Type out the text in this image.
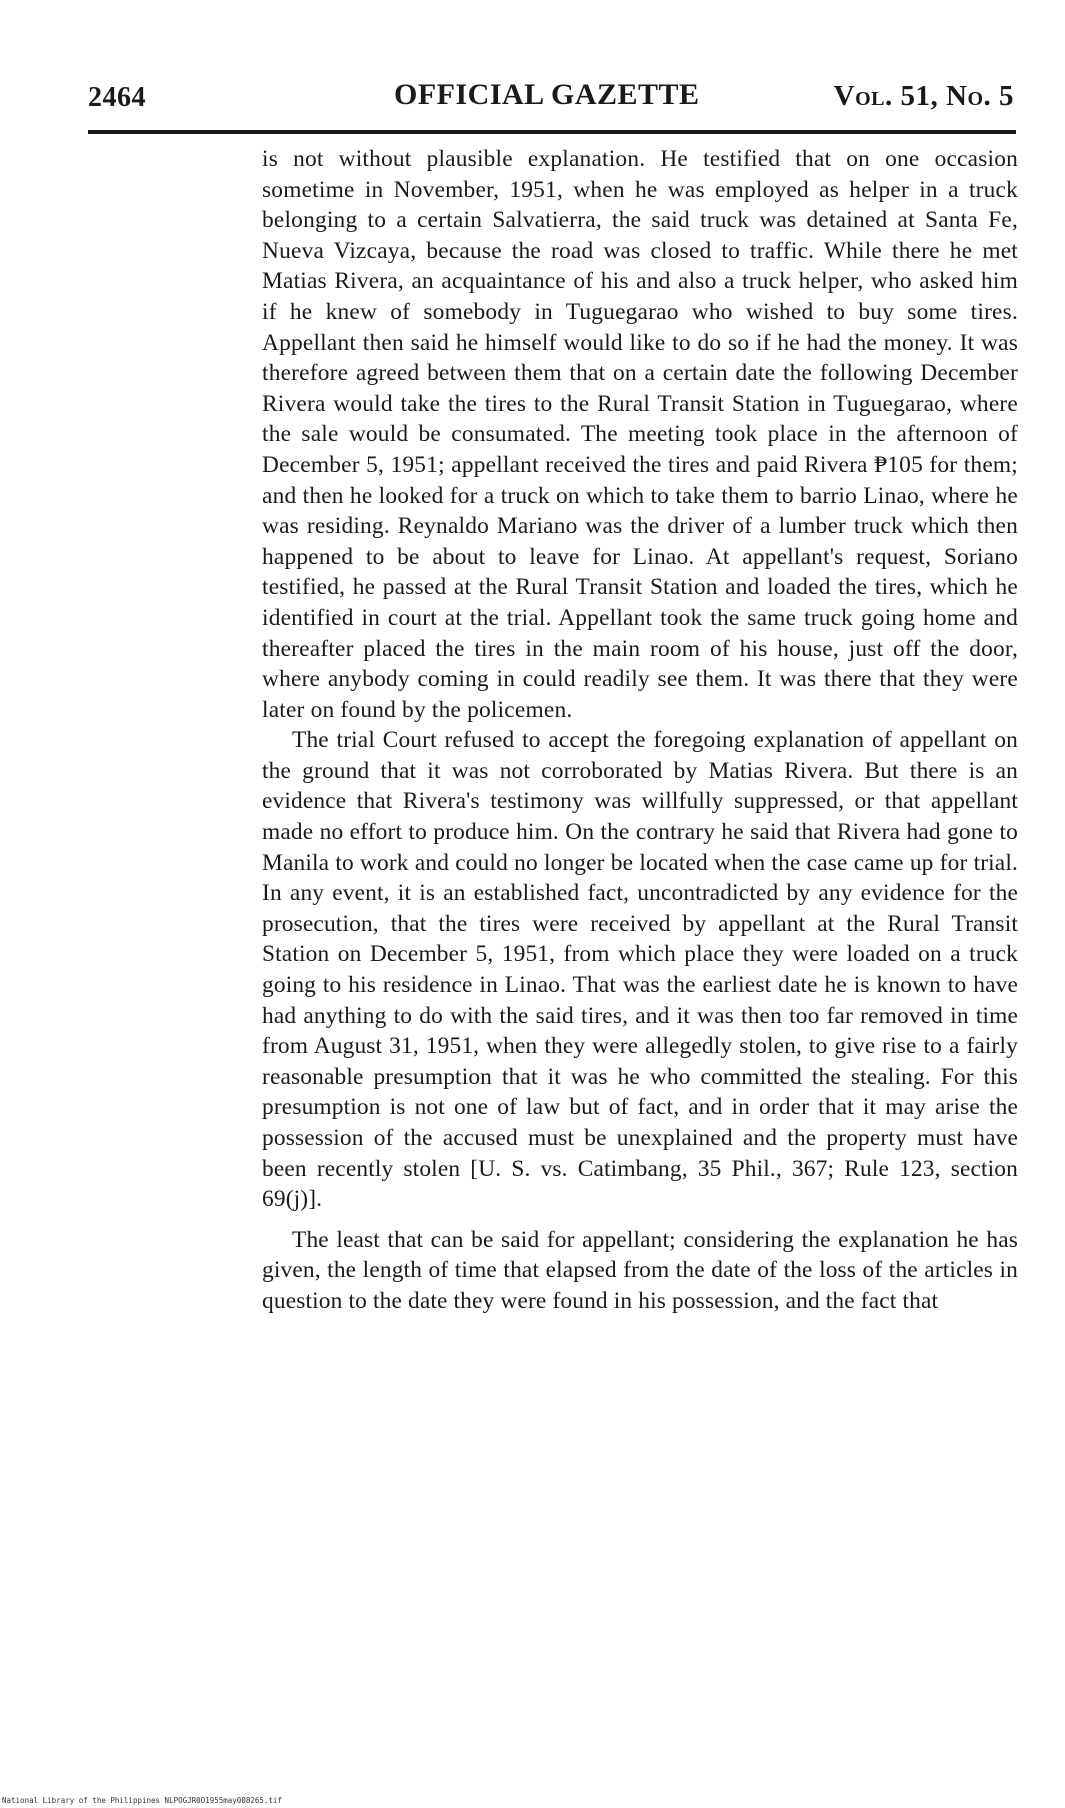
2464	OFFICIAL GAZETTE	Vol. 51, No. 5

is not without plausible explanation. He testified that on one occasion sometime in November, 1951, when he was employed as helper in a truck belonging to a certain Salvatierra, the said truck was detained at Santa Fe, Nueva Vizcaya, because the road was closed to traffic. While there he met Matias Rivera, an acquaintance of his and also a truck helper, who asked him if he knew of somebody in Tuguegarao who wished to buy some tires. Appellant then said he himself would like to do so if he had the money. It was therefore agreed between them that on a certain date the following December Rivera would take the tires to the Rural Transit Station in Tuguegarao, where the sale would be consumated. The meeting took place in the afternoon of December 5, 1951; appellant received the tires and paid Rivera ₱105 for them; and then he looked for a truck on which to take them to barrio Linao, where he was residing. Reynaldo Mariano was the driver of a lumber truck which then happened to be about to leave for Linao. At appellant's request, Soriano testified, he passed at the Rural Transit Station and loaded the tires, which he identified in court at the trial. Appellant took the same truck going home and thereafter placed the tires in the main room of his house, just off the door, where anybody coming in could readily see them. It was there that they were later on found by the policemen.

The trial Court refused to accept the foregoing explanation of appellant on the ground that it was not corroborated by Matias Rivera. But there is an evidence that Rivera's testimony was willfully suppressed, or that appellant made no effort to produce him. On the contrary he said that Rivera had gone to Manila to work and could no longer be located when the case came up for trial. In any event, it is an established fact, uncontradicted by any evidence for the prosecution, that the tires were received by appellant at the Rural Transit Station on December 5, 1951, from which place they were loaded on a truck going to his residence in Linao. That was the earliest date he is known to have had anything to do with the said tires, and it was then too far removed in time from August 31, 1951, when they were allegedly stolen, to give rise to a fairly reasonable presumption that it was he who committed the stealing. For this presumption is not one of law but of fact, and in order that it may arise the possession of the accused must be unexplained and the property must have been recently stolen [U. S. vs. Catimbang, 35 Phil., 367; Rule 123, section 69(j)].

The least that can be said for appellant; considering the explanation he has given, the length of time that elapsed from the date of the loss of the articles in question to the date they were found in his possession, and the fact that

National Library of the Philippines NLPOGJR0O1955may008265.tif
